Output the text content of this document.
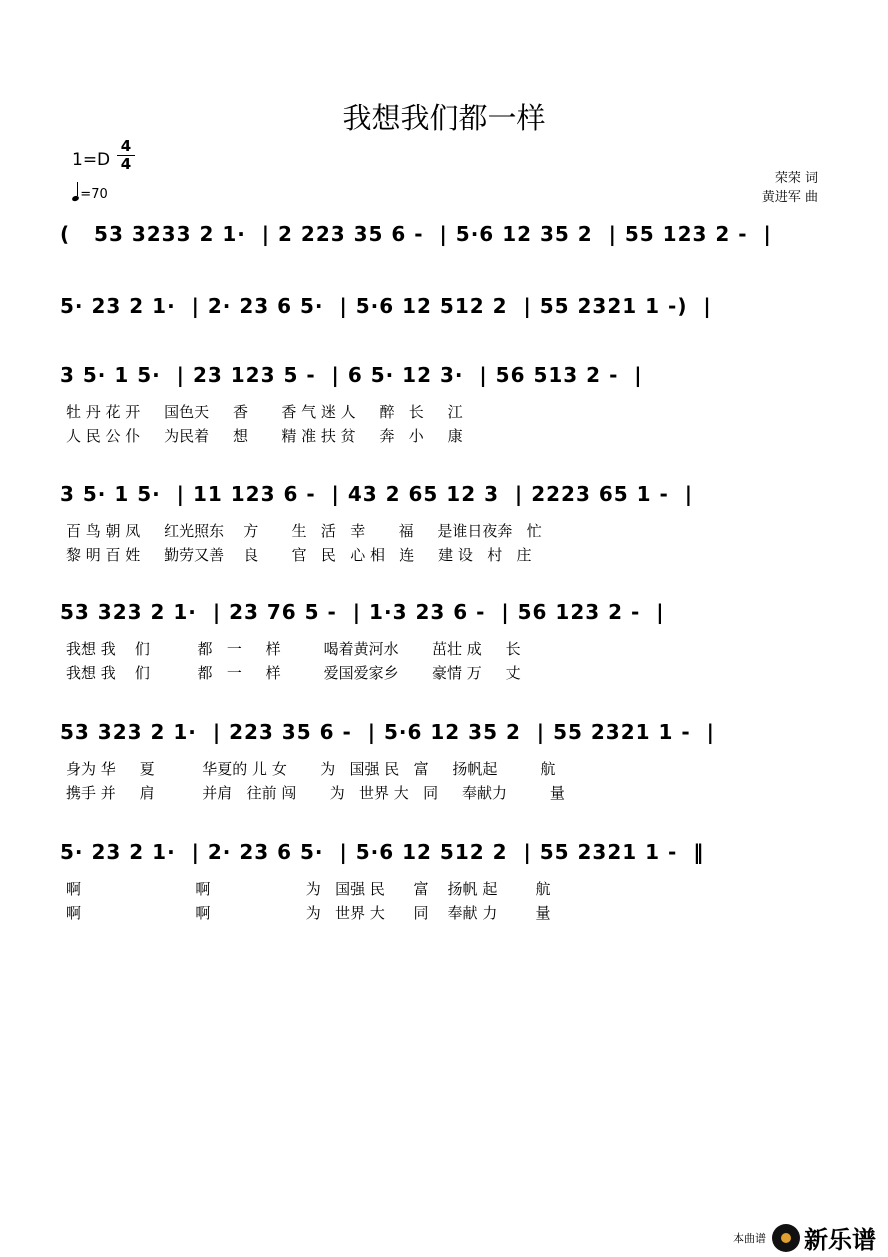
我想我们都一样
1=D
4
4
=70
荣荣 词
黄进军 曲
(   53 3233 2 1·  | 2 223 35 6 -  | 5·6 12 35 2  | 55 123 2 -  |
5· 23 2 1·  | 2· 23 6 5·  | 5·6 12 512 2  | 55 2321 1 -)  |
3 5· 1 5·  | 23 123 5 -  | 6 5· 12 3·  | 56 513 2 -  |
牡 丹 花 开     国色天     香       香 气 迷 人     醉   长     江
人 民 公 仆     为民着     想       精 准 扶 贫     奔   小     康
3 5· 1 5·  | 11 123 6 -  | 43 2 65 12 3  | 2223 65 1 -  |
百 鸟 朝 凤     红光照东    方       生   活   幸       福     是谁日夜奔   忙
黎 明 百 姓     勤劳又善    良       官   民   心 相   连     建 设   村   庄
53 323 2 1·  | 23 76 5 -  | 1·3 23 6 -  | 56 123 2 -  |
我想 我    们          都   一     样         喝着黄河水       茁壮 成     长
我想 我    们          都   一     样         爱国爱家乡       豪情 万     丈
53 323 2 1·  | 223 35 6 -  | 5·6 12 35 2  | 55 2321 1 -  |
身为 华     夏          华夏的 儿 女       为   国强 民   富     扬帆起         航
携手 并     肩          并肩   往前 闯       为   世界 大   同     奉献力         量
5· 23 2 1·  | 2· 23 6 5·  | 5·6 12 512 2  | 55 2321 1 -  ‖
啊                        啊                    为   国强 民      富    扬帆 起        航
啊                        啊                    为   世界 大      同    奉献 力        量
本曲谱 新乐谱
